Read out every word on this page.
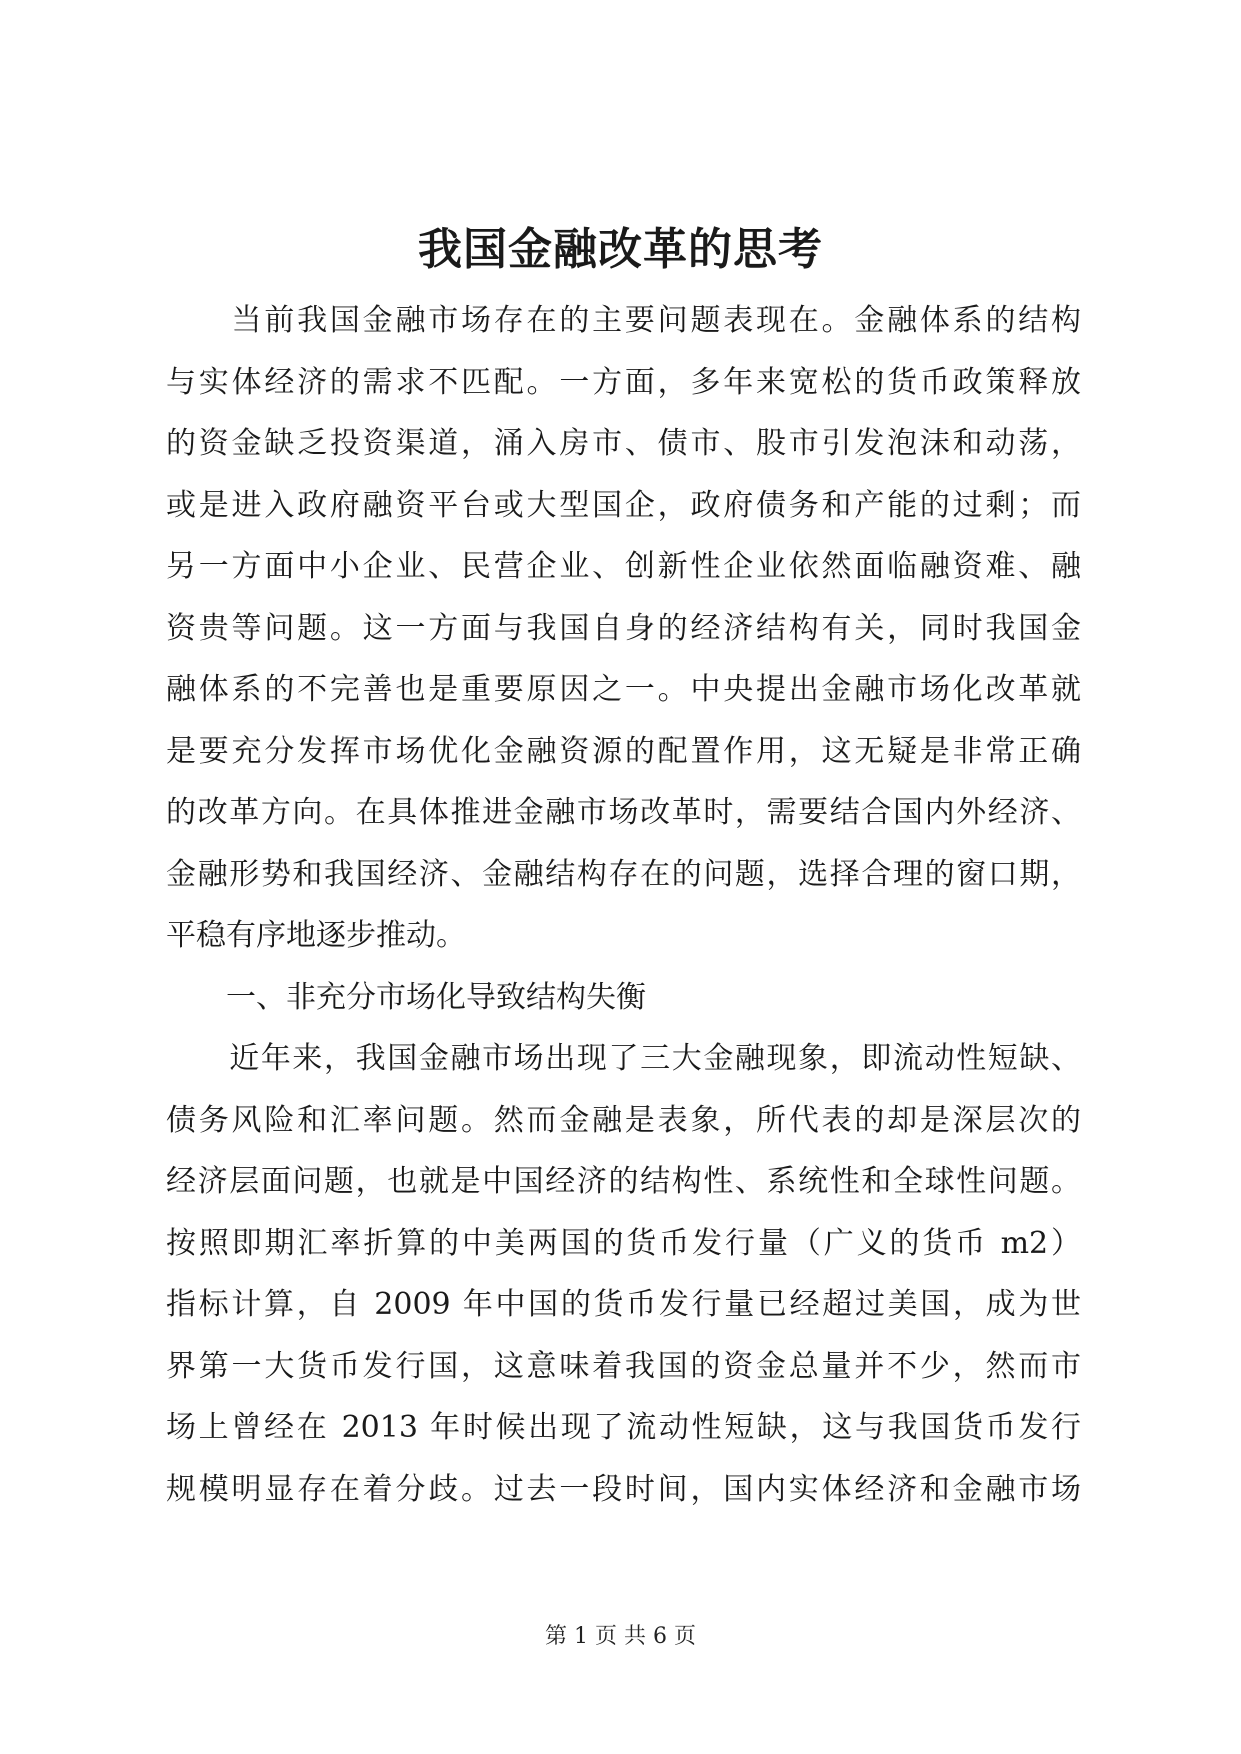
我国金融改革的思考
　　当前我国金融市场存在的主要问题表现在。金融体系的结构
与实体经济的需求不匹配。一方面，多年来宽松的货币政策释放
的资金缺乏投资渠道，涌入房市、债市、股市引发泡沫和动荡，
或是进入政府融资平台或大型国企，政府债务和产能的过剩；而
另一方面中小企业、民营企业、创新性企业依然面临融资难、融
资贵等问题。这一方面与我国自身的经济结构有关，同时我国金
融体系的不完善也是重要原因之一。中央提出金融市场化改革就
是要充分发挥市场优化金融资源的配置作用，这无疑是非常正确
的改革方向。在具体推进金融市场改革时，需要结合国内外经济、
金融形势和我国经济、金融结构存在的问题，选择合理的窗口期，
平稳有序地逐步推动。
　　一、非充分市场化导致结构失衡
　　近年来，我国金融市场出现了三大金融现象，即流动性短缺、
债务风险和汇率问题。然而金融是表象，所代表的却是深层次的
经济层面问题，也就是中国经济的结构性、系统性和全球性问题。
按照即期汇率折算的中美两国的货币发行量（广义的货币 m2）
指标计算，自 2009 年中国的货币发行量已经超过美国，成为世
界第一大货币发行国，这意味着我国的资金总量并不少，然而市
场上曾经在 2013 年时候出现了流动性短缺，这与我国货币发行
规模明显存在着分歧。过去一段时间，国内实体经济和金融市场
第 1 页 共 6 页
